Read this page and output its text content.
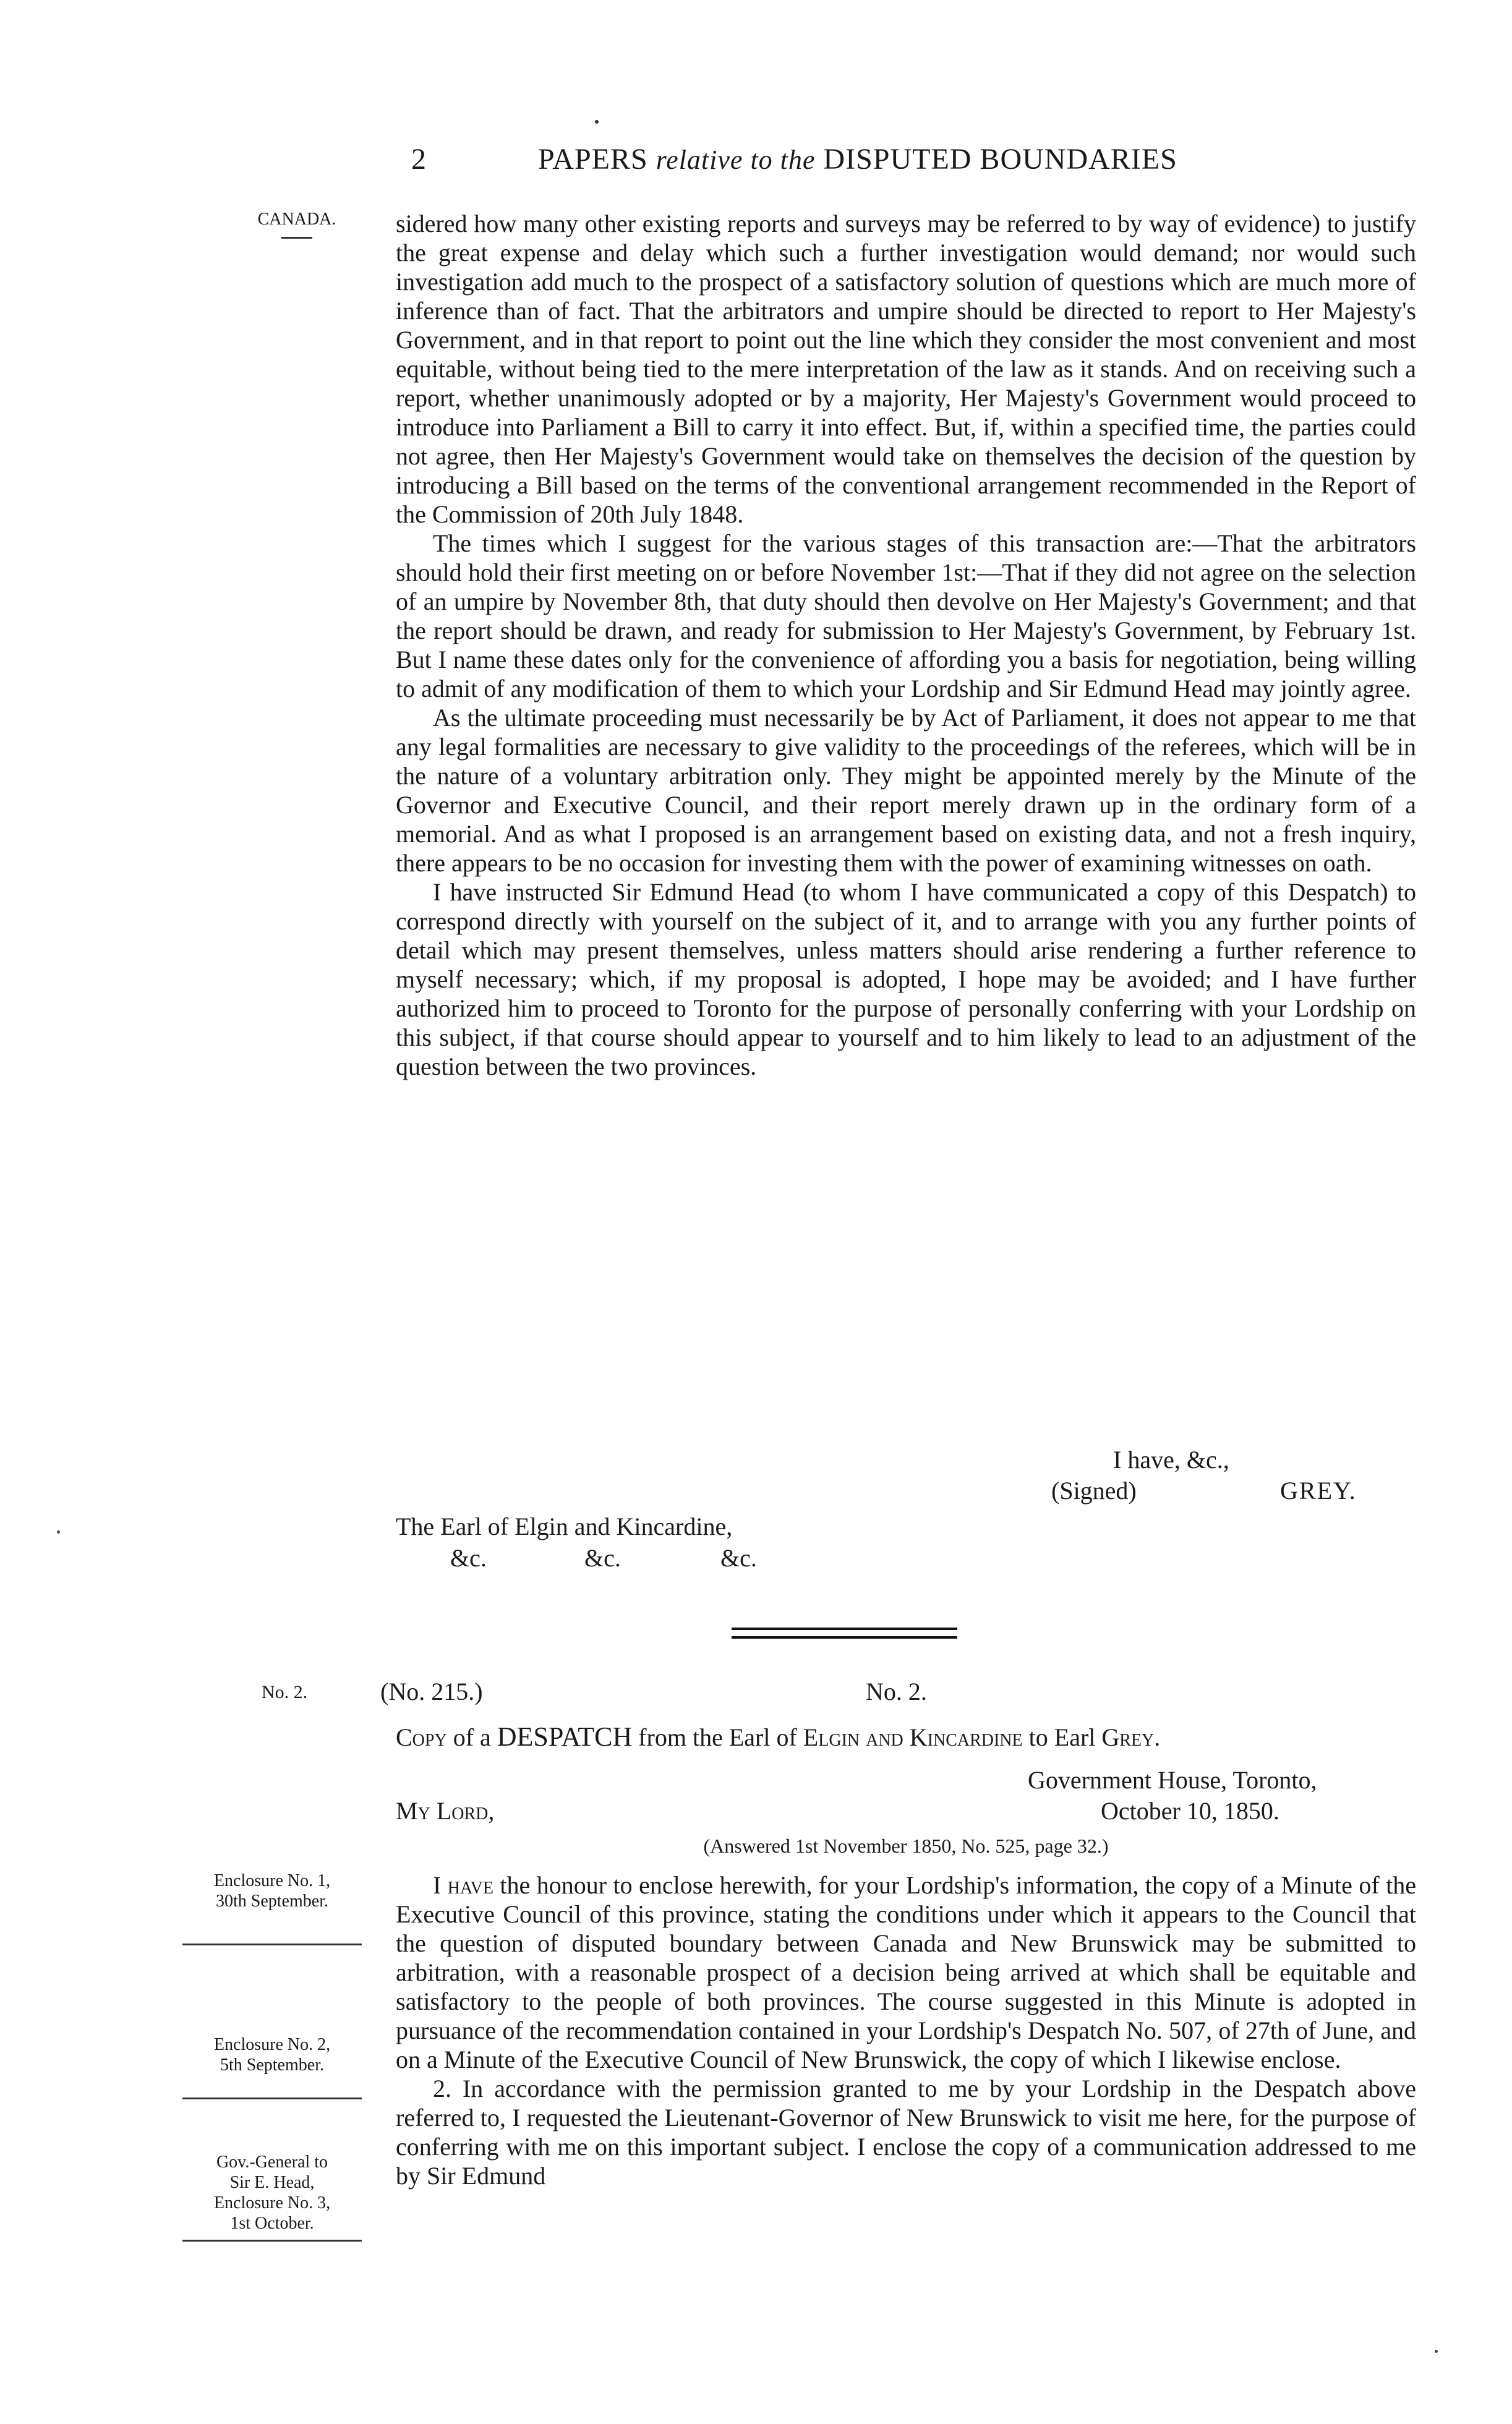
2	PAPERS relative to the DISPUTED BOUNDARIES
CANADA.
No. 2.
Enclosure No. 1,
30th September.
Enclosure No. 2,
5th September.
Gov.-General to
Sir E. Head,
Enclosure No. 3,
1st October.

sidered how many other existing reports and surveys may be referred to by way of evidence) to justify the great expense and delay which such a further investigation would demand; nor would such investigation add much to the prospect of a satisfactory solution of questions which are much more of inference than of fact. That the arbitrators and umpire should be directed to report to Her Majesty's Government, and in that report to point out the line which they consider the most convenient and most equitable, without being tied to the mere interpretation of the law as it stands. And on receiving such a report, whether unanimously adopted or by a majority, Her Majesty's Government would proceed to introduce into Parliament a Bill to carry it into effect. But, if, within a specified time, the parties could not agree, then Her Majesty's Government would take on themselves the decision of the question by introducing a Bill based on the terms of the conventional arrangement recommended in the Report of the Commission of 20th July 1848.

The times which I suggest for the various stages of this transaction are:—That the arbitrators should hold their first meeting on or before November 1st:—That if they did not agree on the selection of an umpire by November 8th, that duty should then devolve on Her Majesty's Government; and that the report should be drawn, and ready for submission to Her Majesty's Government, by February 1st. But I name these dates only for the convenience of affording you a basis for negotiation, being willing to admit of any modification of them to which your Lordship and Sir Edmund Head may jointly agree.

As the ultimate proceeding must necessarily be by Act of Parliament, it does not appear to me that any legal formalities are necessary to give validity to the proceedings of the referees, which will be in the nature of a voluntary arbitration only. They might be appointed merely by the Minute of the Governor and Executive Council, and their report merely drawn up in the ordinary form of a memorial. And as what I proposed is an arrangement based on existing data, and not a fresh inquiry, there appears to be no occasion for investing them with the power of examining witnesses on oath.

I have instructed Sir Edmund Head (to whom I have communicated a copy of this Despatch) to correspond directly with yourself on the subject of it, and to arrange with you any further points of detail which may present themselves, unless matters should arise rendering a further reference to myself necessary; which, if my proposal is adopted, I hope may be avoided; and I have further authorized him to proceed to Toronto for the purpose of personally conferring with your Lordship on this subject, if that course should appear to yourself and to him likely to lead to an adjustment of the question between the two provinces.

I have, &c.,
(Signed)	GREY.
The Earl of Elgin and Kincardine,
&c.	&c.	&c.
(No. 215.)	No. 2.
Copy of a DESPATCH from the Earl of Elgin and Kincardine to Earl Grey.
Government House, Toronto,
My Lord,	October 10, 1850.
(Answered 1st November 1850, No. 525, page 32.)

I have the honour to enclose herewith, for your Lordship's information, the copy of a Minute of the Executive Council of this province, stating the conditions under which it appears to the Council that the question of disputed boundary between Canada and New Brunswick may be submitted to arbitration, with a reasonable prospect of a decision being arrived at which shall be equitable and satisfactory to the people of both provinces. The course suggested in this Minute is adopted in pursuance of the recommendation contained in your Lordship's Despatch No. 507, of 27th of June, and on a Minute of the Executive Council of New Brunswick, the copy of which I likewise enclose.

2. In accordance with the permission granted to me by your Lordship in the Despatch above referred to, I requested the Lieutenant-Governor of New Brunswick to visit me here, for the purpose of conferring with me on this important subject. I enclose the copy of a communication addressed to me by Sir Edmund
